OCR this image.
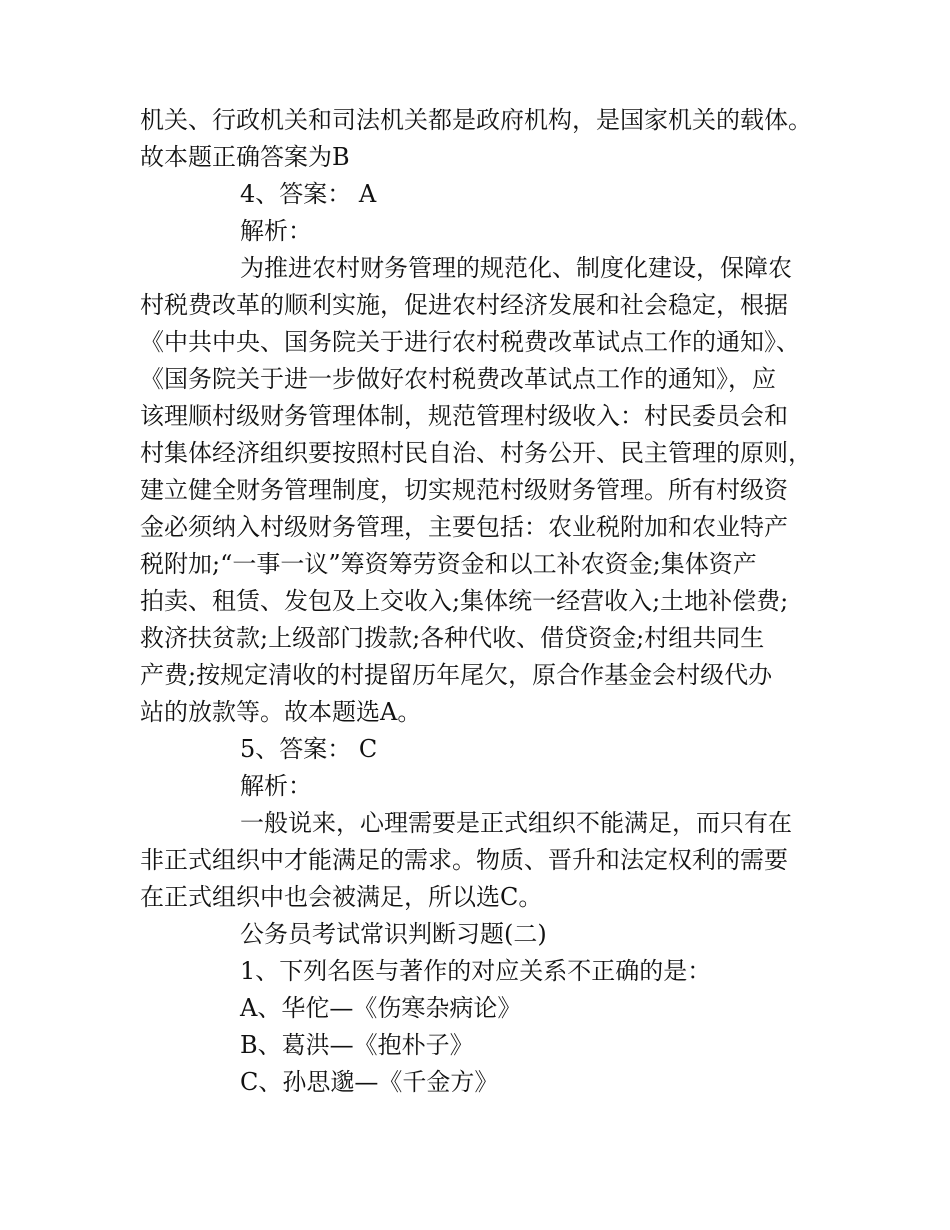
机关、行政机关和司法机关都是政府机构，是国家机关的载体。
故本题正确答案为B
4、答案： A
解析：
为推进农村财务管理的规范化、制度化建设，保障农
村税费改革的顺利实施，促进农村经济发展和社会稳定，根据
《中共中央、国务院关于进行农村税费改革试点工作的通知》、
《国务院关于进一步做好农村税费改革试点工作的通知》，应
该理顺村级财务管理体制，规范管理村级收入：村民委员会和
村集体经济组织要按照村民自治、村务公开、民主管理的原则，
建立健全财务管理制度，切实规范村级财务管理。所有村级资
金必须纳入村级财务管理，主要包括：农业税附加和农业特产
税附加;“一事一议”筹资筹劳资金和以工补农资金;集体资产
拍卖、租赁、发包及上交收入;集体统一经营收入;土地补偿费;
救济扶贫款;上级部门拨款;各种代收、借贷资金;村组共同生
产费;按规定清收的村提留历年尾欠，原合作基金会村级代办
站的放款等。故本题选A。
5、答案： C
解析：
一般说来，心理需要是正式组织不能满足，而只有在
非正式组织中才能满足的需求。物质、晋升和法定权利的需要
在正式组织中也会被满足，所以选C。
公务员考试常识判断习题(二)
1、下列名医与著作的对应关系不正确的是：
A、华佗—《伤寒杂病论》
B、葛洪—《抱朴子》
C、孙思邈—《千金方》
